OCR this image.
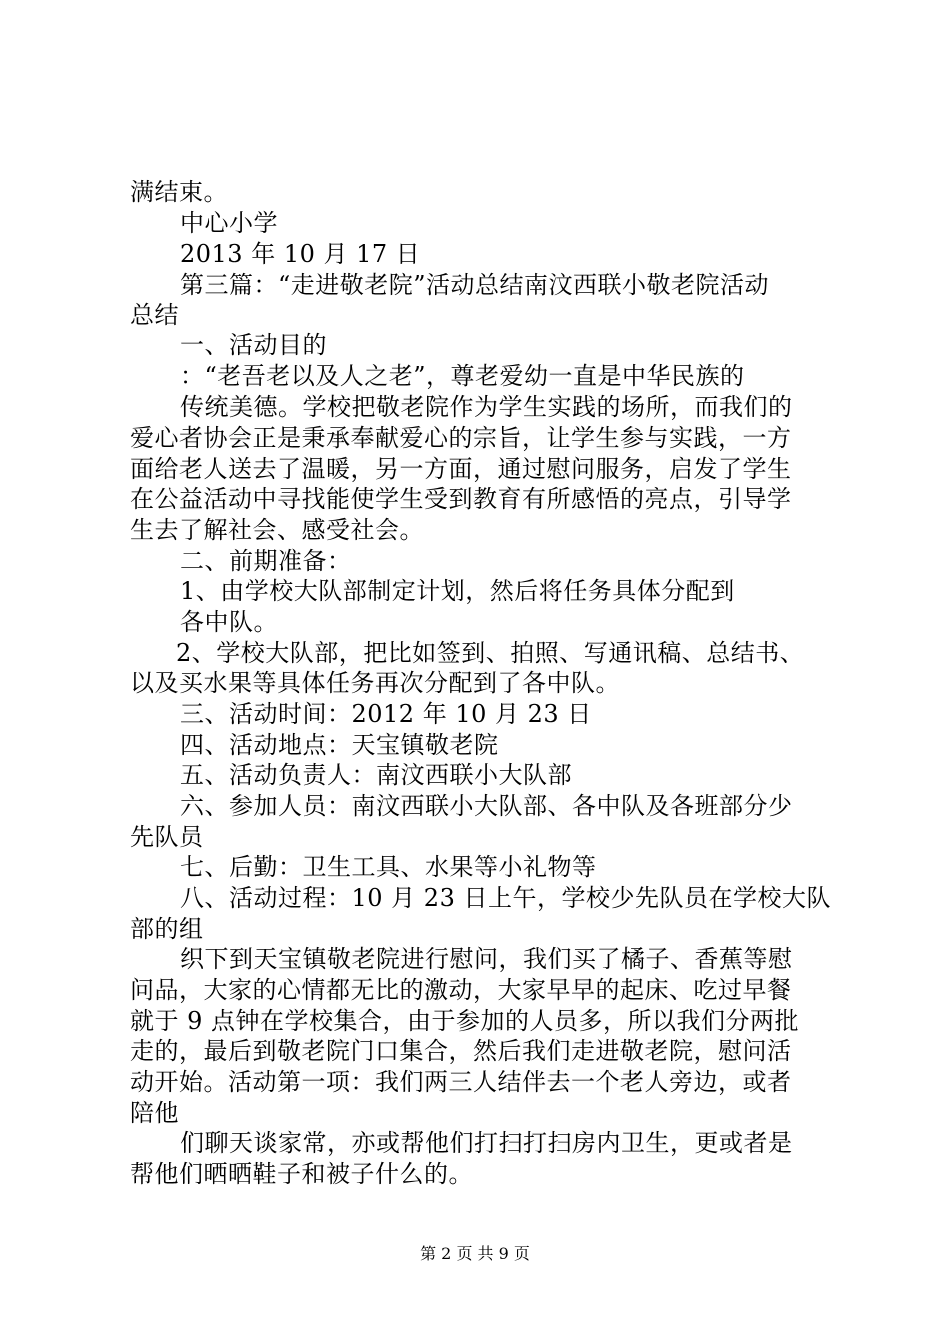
满结束。
中心小学
2013 年 10 月 17 日
第三篇：“走进敬老院”活动总结南汶西联小敬老院活动
总结
一、活动目的
：“老吾老以及人之老”，尊老爱幼一直是中华民族的
传统美德。学校把敬老院作为学生实践的场所，而我们的
爱心者协会正是秉承奉献爱心的宗旨，让学生参与实践，一方
面给老人送去了温暖，另一方面，通过慰问服务，启发了学生
在公益活动中寻找能使学生受到教育有所感悟的亮点，引导学
生去了解社会、感受社会。
二、前期准备：
1、由学校大队部制定计划，然后将任务具体分配到
各中队。
2、学校大队部，把比如签到、拍照、写通讯稿、总结书、
以及买水果等具体任务再次分配到了各中队。
三、活动时间：2012 年 10 月 23 日
四、活动地点：天宝镇敬老院
五、活动负责人：南汶西联小大队部
六、参加人员：南汶西联小大队部、各中队及各班部分少
先队员
七、后勤：卫生工具、水果等小礼物等
八、活动过程：10 月 23 日上午，学校少先队员在学校大队
部的组
织下到天宝镇敬老院进行慰问，我们买了橘子、香蕉等慰
问品，大家的心情都无比的激动，大家早早的起床、吃过早餐
就于 9 点钟在学校集合，由于参加的人员多，所以我们分两批
走的，最后到敬老院门口集合，然后我们走进敬老院，慰问活
动开始。活动第一项：我们两三人结伴去一个老人旁边，或者
陪他
们聊天谈家常，亦或帮他们打扫打扫房内卫生，更或者是
帮他们晒晒鞋子和被子什么的。
第 2 页 共 9 页
